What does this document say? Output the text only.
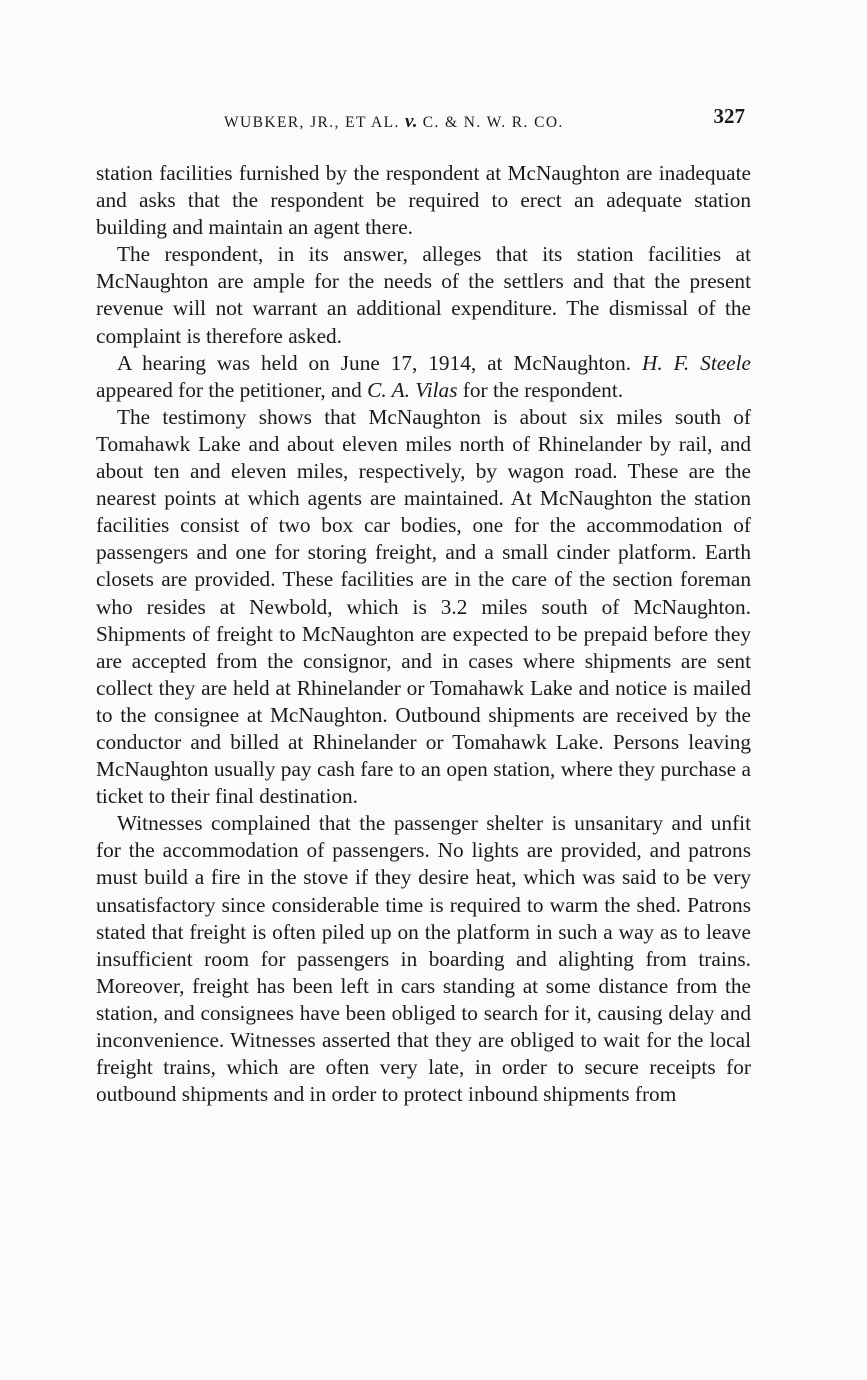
WUBKER, JR., ET AL. v. C. & N. W. R. CO.	327

station facilities furnished by the respondent at McNaughton are inadequate and asks that the respondent be required to erect an adequate station building and maintain an agent there.

The respondent, in its answer, alleges that its station facilities at McNaughton are ample for the needs of the settlers and that the present revenue will not warrant an additional expenditure. The dismissal of the complaint is therefore asked.

A hearing was held on June 17, 1914, at McNaughton. H. F. Steele appeared for the petitioner, and C. A. Vilas for the respondent.

The testimony shows that McNaughton is about six miles south of Tomahawk Lake and about eleven miles north of Rhinelander by rail, and about ten and eleven miles, respectively, by wagon road. These are the nearest points at which agents are maintained. At McNaughton the station facilities consist of two box car bodies, one for the accommodation of passengers and one for storing freight, and a small cinder platform. Earth closets are provided. These facilities are in the care of the section foreman who resides at Newbold, which is 3.2 miles south of McNaughton. Shipments of freight to McNaughton are expected to be prepaid before they are accepted from the consignor, and in cases where shipments are sent collect they are held at Rhinelander or Tomahawk Lake and notice is mailed to the consignee at McNaughton. Outbound shipments are received by the conductor and billed at Rhinelander or Tomahawk Lake. Persons leaving McNaughton usually pay cash fare to an open station, where they purchase a ticket to their final destination.

Witnesses complained that the passenger shelter is unsanitary and unfit for the accommodation of passengers. No lights are provided, and patrons must build a fire in the stove if they desire heat, which was said to be very unsatisfactory since considerable time is required to warm the shed. Patrons stated that freight is often piled up on the platform in such a way as to leave insufficient room for passengers in boarding and alighting from trains. Moreover, freight has been left in cars standing at some distance from the station, and consignees have been obliged to search for it, causing delay and inconvenience. Witnesses asserted that they are obliged to wait for the local freight trains, which are often very late, in order to secure receipts for outbound shipments and in order to protect inbound shipments from
